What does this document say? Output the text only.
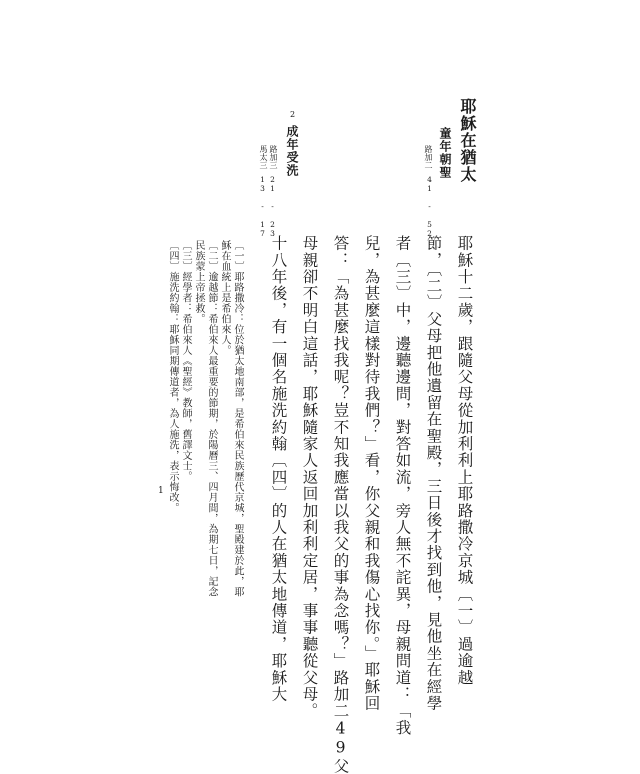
耶穌在猶太
童年朝聖
路加二
41 - 52
2
成年受洗
路加三
21 - 23
馬太三
13 - 17
耶穌十二歲，跟隨父母從加利利上耶路撒冷京城〔一〕過逾越
節，〔二〕父母把他遺留在聖殿，三日後才找到他，見他坐在經學
者〔三〕中，邊聽邊問，對答如流，旁人無不詫異，母親問道：「我
兒，為甚麼這樣對待我們？」看，你父親和我傷心找你。」耶穌回
答：「為甚麼找我呢？豈不知我應當以我父的事為念嗎？」路加二49父
母親卻不明白這話，耶穌隨家人返回加利利定居，事事聽從父母。
十八年後，有一個名施洗約翰〔四〕的人在猶太地傳道，耶穌大
〔一〕耶路撒冷：位於猶太地南部，是希伯來民族歷代京城，聖殿建於此，耶
穌在血統上是希伯來人。
〔二〕逾越節：希伯來人最重要的節期，於陽曆三、四月間，為期七日，記念
民族蒙上帝拯救。
〔三〕經學者：希伯來人《聖經》教師，舊譯文士。
〔四〕施洗約翰：耶穌同期傳道者，為人施洗，表示悔改。
1
